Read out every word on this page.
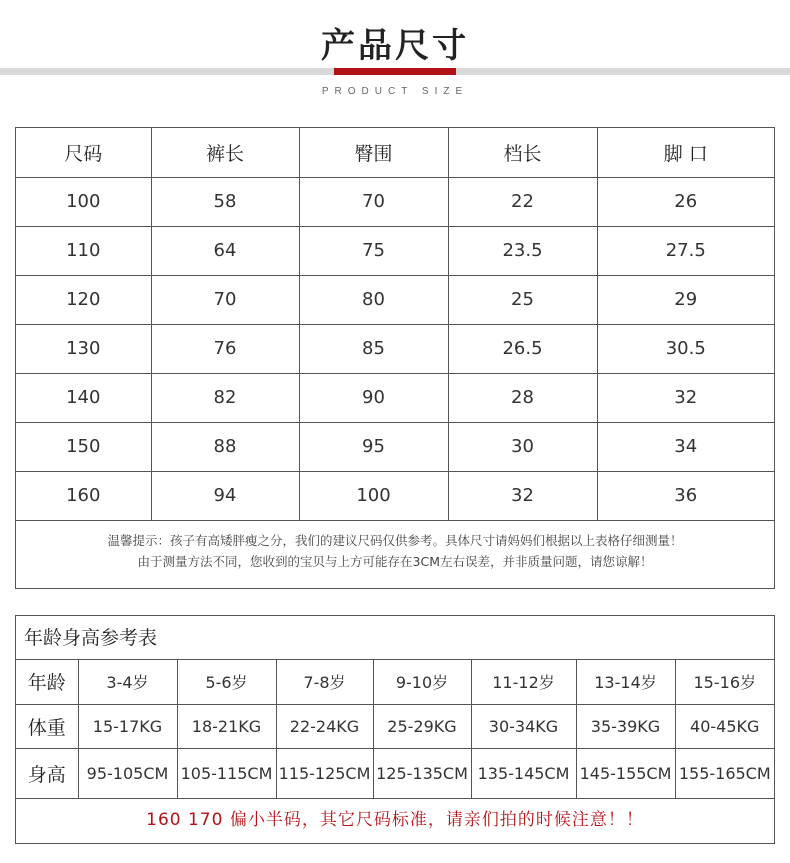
产品尺寸
PRODUCT SIZE
尺码	裤长	臀围	档长	脚 口
100	58	70	22	26
110	64	75	23.5	27.5
120	70	80	25	29
130	76	85	26.5	30.5
140	82	90	28	32
150	88	95	30	34
160	94	100	32	36
温馨提示：孩子有高矮胖瘦之分，我们的建议尺码仅供参考。具体尺寸请妈妈们根据以上表格仔细测量！
由于测量方法不同，您收到的宝贝与上方可能存在3CM左右误差，并非质量问题，请您谅解！
年龄身高参考表
年龄	3-4岁	5-6岁	7-8岁	9-10岁	11-12岁	13-14岁	15-16岁
体重	15-17KG	18-21KG	22-24KG	25-29KG	30-34KG	35-39KG	40-45KG
身高	95-105CM	105-115CM	115-125CM	125-135CM	135-145CM	145-155CM	155-165CM
160 170 偏小半码，其它尺码标准，请亲们拍的时候注意！！
